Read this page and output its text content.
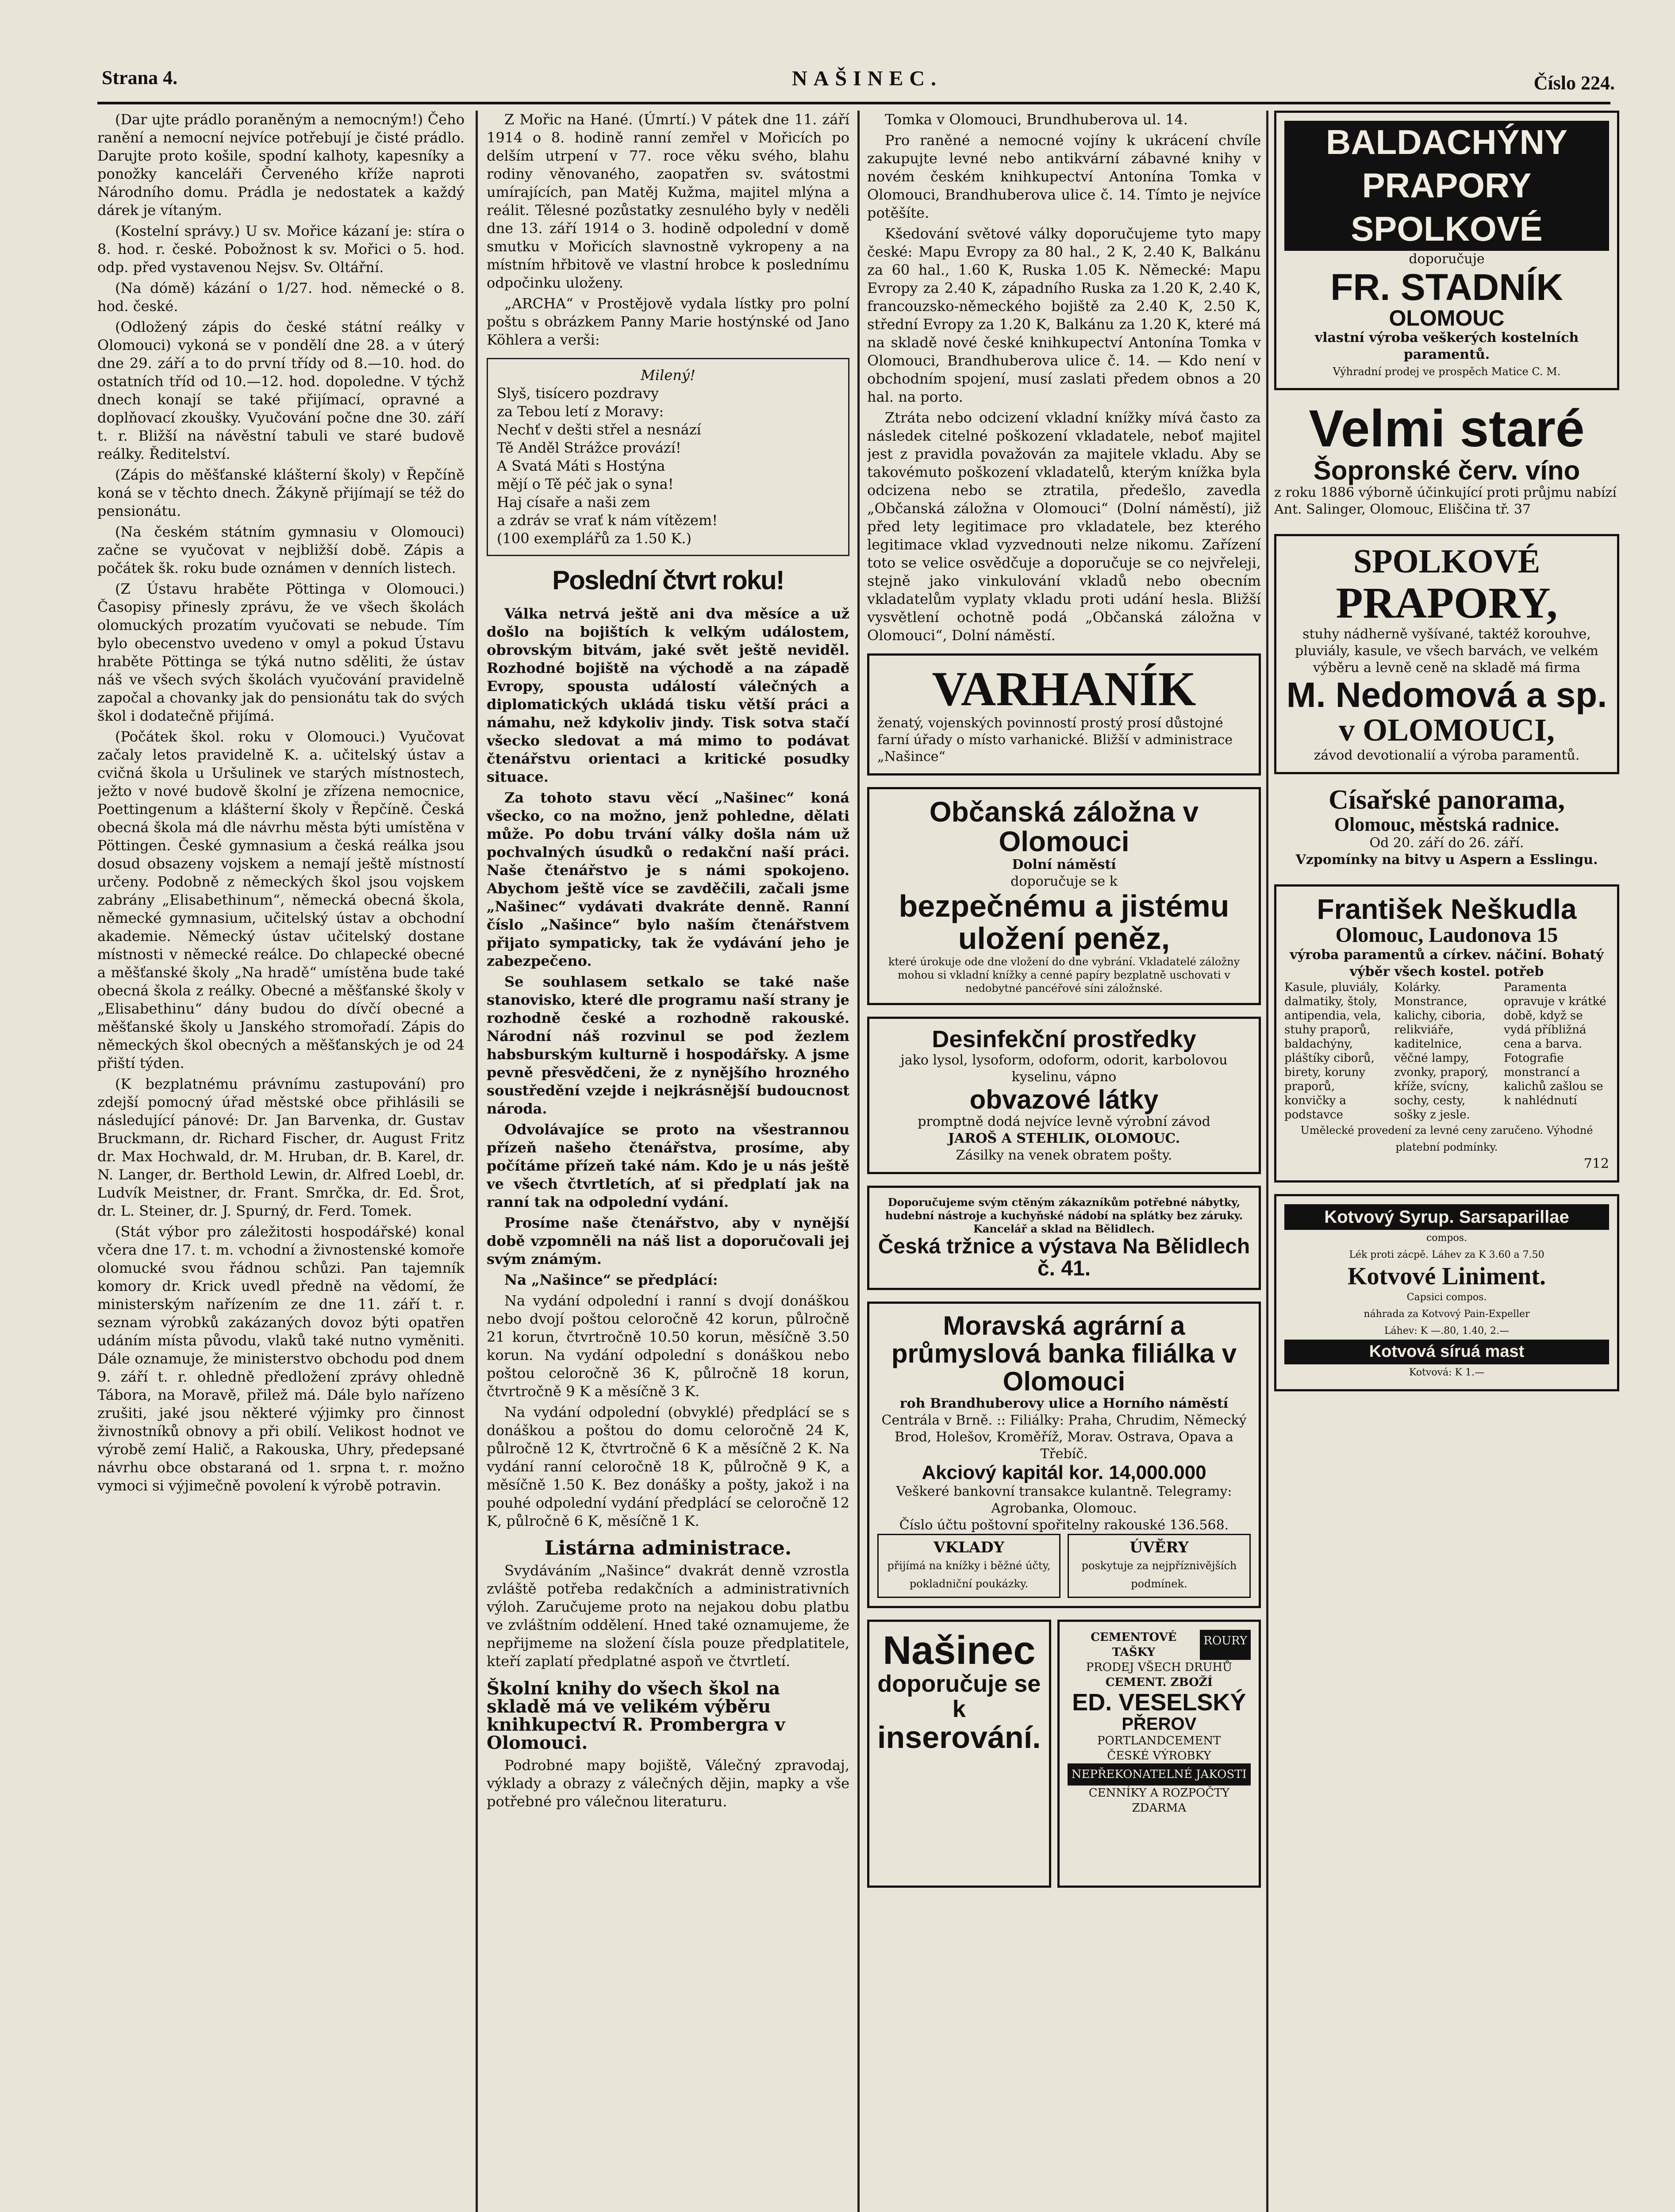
Strana 4.	NAŠINEC.	Číslo 224.

(Dar ujte prádlo poraněným a nemocným!) Čeho ranění a nemocní nejvíce potřebují je čisté prádlo. Darujte proto košile, spodní kalhoty, kapesníky a ponožky kanceláři Červeného kříže naproti Národního domu. Prádla je nedostatek a každý dárek je vítaným.

(Kostelní správy.) U sv. Mořice kázaní je: stíra o 8. hod. r. české. Pobožnost k sv. Mořici o 5. hod. odp. před vystavenou Nejsv. Sv. Oltářní.

(Na dómě) kázání o 1/27. hod. německé o 8. hod. české.

(Odložený zápis do české státní reálky v Olomouci) vykoná se v pondělí dne 28. a v úterý dne 29. září a to do první třídy od 8.—10. hod. do ostatních tříd od 10.—12. hod. dopoledne. V týchž dnech konají se také přijímací, opravné a doplňovací zkoušky. Vyučování počne dne 30. září t. r. Bližší na návěstní tabuli ve staré budově reálky. Ředitelství.

(Zápis do měšťanské klášterní školy) v Řepčíně koná se v těchto dnech. Žákyně přijímají se též do pensionátu.

(Na českém státním gymnasiu v Olomouci) začne se vyučovat v nejbližší době. Zápis a počátek šk. roku bude oznámen v denních listech.

(Z Ústavu hraběte Pöttinga v Olomouci.) Časopisy přinesly zprávu, že ve všech školách olomuckých prozatím vyučovati se nebude. Tím bylo obecenstvo uvedeno v omyl a pokud Ústavu hraběte Pöttinga se týká nutno sděliti, že ústav náš ve všech svých školách vyučování pravidelně započal a chovanky jak do pensionátu tak do svých škol i dodatečně přijímá.

(Počátek škol. roku v Olomouci.) Vyučovat začaly letos pravidelně K. a. učitelský ústav a cvičná škola u Uršulinek ve starých místnostech, ježto v nové budově školní je zřízena nemocnice, Poettingenum a klášterní školy v Řepčíně. Česká obecná škola má dle návrhu města býti umístěna v Pöttingen. České gymnasium a česká reálka jsou dosud obsazeny vojskem a nemají ještě místností určeny. Podobně z německých škol jsou vojskem zabrány „Elisabethinum“, německá obecná škola, německé gymnasium, učitelský ústav a obchodní akademie. Německý ústav učitelský dostane místnosti v německé reálce. Do chlapecké obecné a měšťanské školy „Na hradě“ umístěna bude také obecná škola z reálky. Obecné a měšťanské školy v „Elisabethinu“ dány budou do dívčí obecné a měšťanské školy u Janského stromořadí. Zápis do německých škol obecných a měšťanských je od 24 přiští týden.

(K bezplatnému právnímu zastupování) pro zdejší pomocný úřad městské obce přihlásili se následující pánové: Dr. Jan Barvenka, dr. Gustav Bruckmann, dr. Richard Fischer, dr. August Fritz dr. Max Hochwald, dr. M. Hruban, dr. B. Karel, dr. N. Langer, dr. Berthold Lewin, dr. Alfred Loebl, dr. Ludvík Meistner, dr. Frant. Smrčka, dr. Ed. Šrot, dr. L. Steiner, dr. J. Spurný, dr. Ferd. Tomek.

(Stát výbor pro záležitosti hospodářské) konal včera dne 17. t. m. vchodní a živnostenské komoře olomucké svou řádnou schůzi. Pan tajemník komory dr. Krick uvedl předně na vědomí, že ministerským nařízením ze dne 11. září t. r. seznam výrobků zakázaných dovoz býti opatřen udáním místa původu, vlaků také nutno vyměniti. Dále oznamuje, že ministerstvo obchodu pod dnem 9. září t. r. ohledně předložení zprávy ohledně Tábora, na Moravě, přilež má. Dále bylo nařízeno zrušiti, jaké jsou některé výjimky pro činnost živnostníků obnovy a při obilí. Velikost hodnot ve výrobě zemí Halič, a Rakouska, Uhry, předepsané návrhu obce obstaraná od 1. srpna t. r. možno vymoci si výjimečně povolení k výrobě potravin.

Z Mořic na Hané. (Úmrtí.) V pátek dne 11. září 1914 o 8. hodině ranní zemřel v Mořicích po delším utrpení v 77. roce věku svého, blahu rodiny věnovaného, zaopatřen sv. svátostmi umírajících, pan Matěj Kužma, majitel mlýna a reálit. Tělesné pozůstatky zesnulého byly v neděli dne 13. září 1914 o 3. hodině odpolední v domě smutku v Mořicích slavnostně vykropeny a na místním hřbitově ve vlastní hrobce k poslednímu odpočinku uloženy.

„ARCHA“ v Prostějově vydala lístky pro polní poštu s obrázkem Panny Marie hostýnské od Jano Köhlera a verši:

Milený!

Slyš, tisícero pozdravy

za Tebou letí z Moravy:

Nechť v dešti střel a nesnází

Tě Anděl Strážce provází!

A Svatá Máti s Hostýna

mějí o Tě péč jak o syna!

Haj císaře a naši zem

a zdráv se vrať k nám vítězem!

(100 exemplářů za 1.50 K.)

Poslední čtvrt roku!

Válka netrvá ještě ani dva měsíce a už došlo na bojištích k velkým událostem, obrovským bitvám, jaké svět ještě neviděl. Rozhodné bojiště na východě a na západě Evropy, spousta událostí válečných a diplomatických ukládá tisku větší práci a námahu, než kdykoliv jindy. Tisk sotva stačí všecko sledovat a má mimo to podávat čtenářstvu orientaci a kritické posudky situace.

Za tohoto stavu věcí „Našinec“ koná všecko, co na možno, jenž pohledne, dělati může. Po dobu trvání války došla nám už pochvalných úsudků o redakční naší práci. Naše čtenářstvo je s námi spokojeno. Abychom ještě více se zavděčili, začali jsme „Našinec“ vydávati dvakráte denně. Ranní číslo „Našince“ bylo naším čtenářstvem přijato sympaticky, tak že vydávání jeho je zabezpečeno.

Se souhlasem setkalo se také naše stanovisko, které dle programu naší strany je rozhodně české a rozhodně rakouské. Národní náš rozvinul se pod žezlem habsburským kulturně i hospodářsky. A jsme pevně přesvědčeni, že z nynějšího hrozného soustředění vzejde i nejkrásnější budoucnost národa.

Odvolávajíce se proto na všestrannou přízeň našeho čtenářstva, prosíme, aby počítáme přízeň také nám. Kdo je u nás ještě ve všech čtvrtletích, ať si předplatí jak na ranní tak na odpolední vydání.

Prosíme naše čtenářstvo, aby v nynější době vzpomněli na náš list a doporučovali jej svým známým.

Na „Našince“ se předplácí:

Na vydání odpolední i ranní s dvojí donáškou nebo dvojí poštou celoročně 42 korun, půlročně 21 korun, čtvrtročně 10.50 korun, měsíčně 3.50 korun. Na vydání odpolední s donáškou nebo poštou celoročně 36 K, půlročně 18 korun, čtvrtročně 9 K a měsíčně 3 K.

Na vydání odpolední (obvyklé) předplácí se s donáškou a poštou do domu celoročně 24 K, půlročně 12 K, čtvrtročně 6 K a měsíčně 2 K. Na vydání ranní celoročně 18 K, půlročně 9 K, a měsíčně 1.50 K. Bez donášky a pošty, jakož i na pouhé odpolední vydání předplácí se celoročně 12 K, půlročně 6 K, měsíčně 1 K.

Listárna administrace.

Svydáváním „Našince“ dvakrát denně vzrostla zvláště potřeba redakčních a administrativních výloh. Zaručujeme proto na nejakou dobu platbu ve zvláštním oddělení. Hned také oznamujeme, že nepřijmeme na složení čísla pouze předplatitele, kteří zaplatí předplatné aspoň ve čtvrtletí.

Školní knihy do všech škol na skladě má ve velikém výběru knihkupectví R. Prombergra v Olomouci.

Podrobné mapy bojiště, Válečný zpravodaj, výklady a obrazy z válečných dějin, mapky a vše potřebné pro válečnou literaturu.

Tomka v Olomouci, Brundhuberova ul. 14.

Pro raněné a nemocné vojíny k ukrácení chvíle zakupujte levné nebo antikvární zábavné knihy v novém českém knihkupectví Antonína Tomka v Olomouci, Brandhuberova ulice č. 14. Tímto je nejvíce potěšíte.

Kšedování světové války doporučujeme tyto mapy české: Mapu Evropy za 80 hal., 2 K, 2.40 K, Balkánu za 60 hal., 1.60 K, Ruska 1.05 K. Německé: Mapu Evropy za 2.40 K, západního Ruska za 1.20 K, 2.40 K, francouzsko-německého bojiště za 2.40 K, 2.50 K, střední Evropy za 1.20 K, Balkánu za 1.20 K, které má na skladě nové české knihkupectví Antonína Tomka v Olomouci, Brandhuberova ulice č. 14. — Kdo není v obchodním spojení, musí zaslati předem obnos a 20 hal. na porto.

Ztráta nebo odcizení vkladní knížky mívá často za následek citelné poškození vkladatele, neboť majitel jest z pravidla považován za majitele vkladu. Aby se takovémuto poškození vkladatelů, kterým knížka byla odcizena nebo se ztratila, předešlo, zavedla „Občanská záložna v Olomouci“ (Dolní náměstí), již před lety legitimace pro vkladatele, bez kterého legitimace vklad vyzvednouti nelze nikomu. Zařízení toto se velice osvědčuje a doporučuje se co nejvřeleji, stejně jako vinkulování vkladů nebo obecním vkladatelům vyplaty vkladu proti udání hesla. Bližší vysvětlení ochotně podá „Občanská záložna v Olomouci“, Dolní náměstí.

VARHANÍK
ženatý, vojenských povinností prostý prosí důstojné farní úřady o místo varhanické. Bližší v administrace „Našince“
Občanská záložna v Olomouci
Dolní náměstí
doporučuje se k
bezpečnému a jistému uložení peněz,
které úrokuje ode dne vložení do dne vybrání. Vkladatelé záložny mohou si vkladní knížky a cenné papíry bezplatně uschovati v nedobytné pancéřové síni záložnské.
Desinfekční prostředky
jako lysol, lysoform, odoform, odorit, karbolovou kyselinu, vápno
obvazové látky
promptně dodá nejvíce levně výrobní závod
JAROŠ A STEHLIK, OLOMOUC.
Zásilky na venek obratem pošty.
Doporučujeme svým ctěným zákazníkům potřebné nábytky, hudební nástroje a kuchyňské nádobí na splátky bez záruky. Kancelář a sklad na Bělidlech.
Česká tržnice a výstava Na Bělidlech č. 41.
Moravská agrární a průmyslová banka filiálka v Olomouci
roh Brandhuberovy ulice a Horního náměstí
Centrála v Brně. :: Filiálky: Praha, Chrudim, Německý Brod, Holešov, Kroměříž, Morav. Ostrava, Opava a Třebíč.
Akciový kapitál kor. 14,000.000
Veškeré bankovní transakce kulantně. Telegramy: Agrobanka, Olomouc.
Číslo účtu poštovní spořitelny rakouské 136.568.
VKLADY
přijímá na knížky i běžné účty, pokladniční poukázky.
ÚVĚRY
poskytuje za nejpříznivějších podmínek.
Našinec
doporučuje se
k
inserování.
CEMENTOVÉ TAŠKY
ROURY
PRODEJ VŠECH DRUHŮ
CEMENT. ZBOŽÍ
ED. VESELSKÝ
PŘEROV
PORTLANDCEMENT
ČESKÉ VÝROBKY
NEPŘEKONATELNÉ JAKOSTI
CENNÍKY A ROZPOČTY
ZDARMA
BALDACHÝNY
PRAPORY
SPOLKOVÉ
doporučuje
FR. STADNÍK
OLOMOUC
vlastní výroba veškerých kostelních paramentů.
Výhradní prodej ve prospěch Matice C. M.
Velmi staré
Šopronské červ. víno
z roku 1886 výborně účinkující proti průjmu nabízí Ant. Salinger, Olomouc, Eliščina tř. 37
SPOLKOVÉ
PRAPORY,
stuhy nádherně vyšívané, taktéž korouhve, pluviály, kasule, ve všech barvách, ve velkém výběru a levně ceně na skladě má firma
M. Nedomová a sp.
v OLOMOUCI,
závod devotionalií a výroba paramentů.
Císařské panorama,
Olomouc, městská radnice.
Od 20. září do 26. září.
Vzpomínky na bitvy u Aspern a Esslingu.
František Neškudla
Olomouc, Laudonova 15
výroba paramentů a církev. náčiní. Bohatý výběr všech kostel. potřeb
Kasule, pluviály, dalmatiky, štoly, antipendia, vela, stuhy praporů, baldachýny, pláštíky ciborů, birety, koruny praporů, konvičky a podstavce
Kolárky. Monstrance, kalichy, ciboria, relikviáře, kaditelnice, věčné lampy, zvonky, praporý, kříže, svícny, sochy, cesty, sošky z jesle.
Paramenta opravuje v krátké době, když se vydá příbližná cena a barva. Fotografie monstrancí a kalichů zašlou se k nahlédnutí
Umělecké provedení za levné ceny zaručeno. Výhodné platební podmínky.
712
Kotvový Syrup. Sarsaparillae
compos.
Lék proti zácpě. Láhev za K 3.60 a 7.50
Kotvové Liniment.
Capsici compos.
náhrada za Kotvový Pain-Expeller
Láhev: K —.80, 1.40, 2.—
Kotvová síruá mast
Kotvová: K 1.—
